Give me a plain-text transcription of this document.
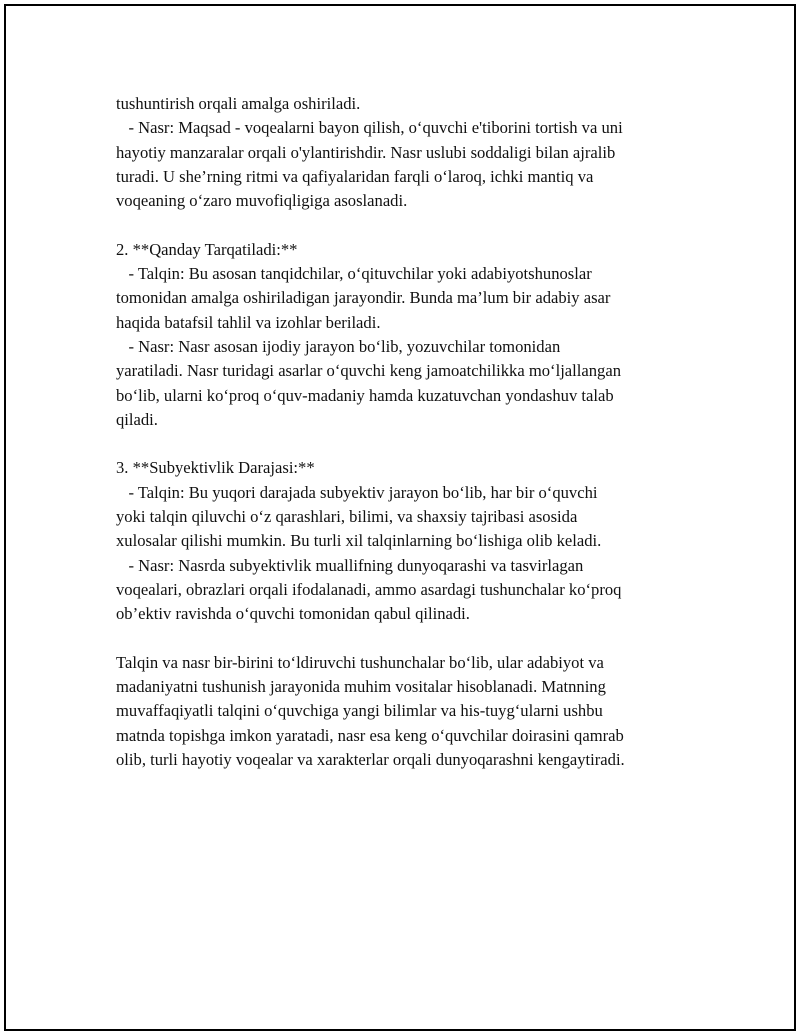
tushuntirish orqali amalga oshiriladi.
- Nasr: Maqsad - voqealarni bayon qilish, o‘quvchi e'tiborini tortish va uni
hayotiy manzaralar orqali o'ylantirishdir. Nasr uslubi soddaligi bilan ajralib
turadi. U she’rning ritmi va qafiyalaridan farqli o‘laroq, ichki mantiq va
voqeaning o‘zaro muvofiqligiga asoslanadi.
2. **Qanday Tarqatiladi:**
- Talqin: Bu asosan tanqidchilar, o‘qituvchilar yoki adabiyotshunoslar
tomonidan amalga oshiriladigan jarayondir. Bunda ma’lum bir adabiy asar
haqida batafsil tahlil va izohlar beriladi.
- Nasr: Nasr asosan ijodiy jarayon bo‘lib, yozuvchilar tomonidan
yaratiladi. Nasr turidagi asarlar o‘quvchi keng jamoatchilikka mo‘ljallangan
bo‘lib, ularni ko‘proq o‘quv-madaniy hamda kuzatuvchan yondashuv talab
qiladi.
3. **Subyektivlik Darajasi:**
- Talqin: Bu yuqori darajada subyektiv jarayon bo‘lib, har bir o‘quvchi
yoki talqin qiluvchi o‘z qarashlari, bilimi, va shaxsiy tajribasi asosida
xulosalar qilishi mumkin. Bu turli xil talqinlarning bo‘lishiga olib keladi.
- Nasr: Nasrda subyektivlik muallifning dunyoqarashi va tasvirlagan
voqealari, obrazlari orqali ifodalanadi, ammo asardagi tushunchalar ko‘proq
ob’ektiv ravishda o‘quvchi tomonidan qabul qilinadi.
Talqin va nasr bir-birini to‘ldiruvchi tushunchalar bo‘lib, ular adabiyot va
madaniyatni tushunish jarayonida muhim vositalar hisoblanadi. Matnning
muvaffaqiyatli talqini o‘quvchiga yangi bilimlar va his-tuyg‘ularni ushbu
matnda topishga imkon yaratadi, nasr esa keng o‘quvchilar doirasini qamrab
olib, turli hayotiy voqealar va xarakterlar orqali dunyoqarashni kengaytiradi.
